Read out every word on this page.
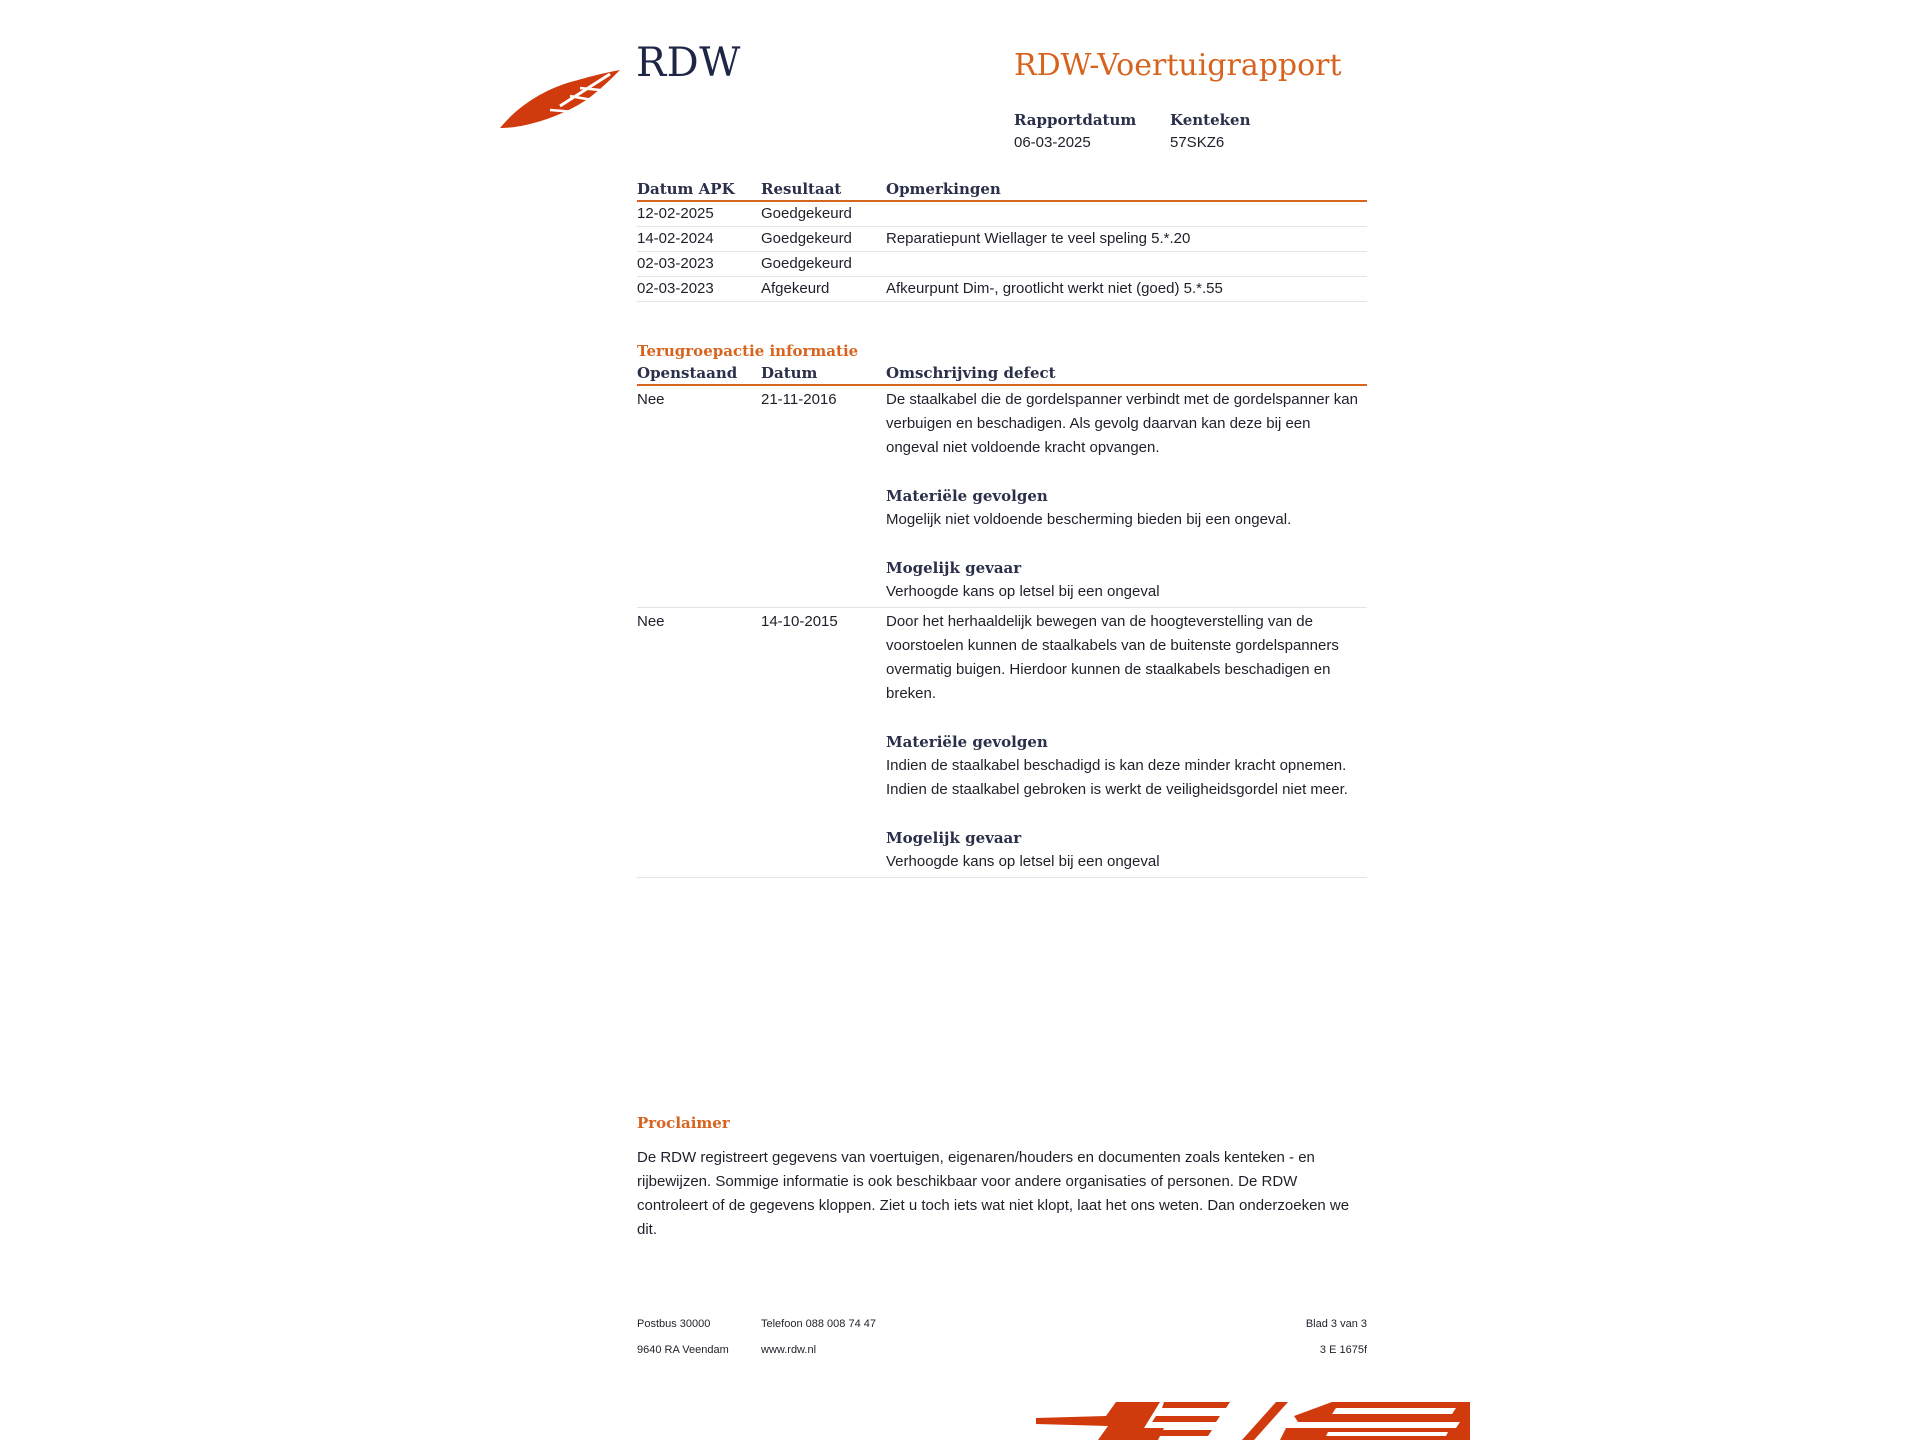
RDW	RDW-Voertuigrapport
Rapportdatum
06-03-2025
Kenteken
57SKZ6
Datum APK	Resultaat	Opmerkingen
12-02-2025	Goedgekeurd	
14-02-2024	Goedgekeurd	Reparatiepunt Wiellager te veel speling 5.*.20
02-03-2023	Goedgekeurd	
02-03-2023	Afgekeurd	Afkeurpunt Dim-, grootlicht werkt niet (goed) 5.*.55
Terugroepactie informatie
Openstaand	Datum	Omschrijving defect
Nee	21-11-2016	De staalkabel die de gordelspanner verbindt met de gordelspanner kan verbuigen en beschadigen. Als gevolg daarvan kan deze bij een ongeval niet voldoende kracht opvangen.

Materiële gevolgen

Mogelijk niet voldoende bescherming bieden bij een ongeval.

Mogelijk gevaar

Verhoogde kans op letsel bij een ongeval

Nee	14-10-2015	Door het herhaaldelijk bewegen van de hoogteverstelling van de voorstoelen kunnen de staalkabels van de buitenste gordelspanners overmatig buigen. Hierdoor kunnen de staalkabels beschadigen en breken.

Materiële gevolgen

Indien de staalkabel beschadigd is kan deze minder kracht opnemen. Indien de staalkabel gebroken is werkt de veiligheidsgordel niet meer.

Mogelijk gevaar

Verhoogde kans op letsel bij een ongeval

Proclaimer
De RDW registreert gegevens van voertuigen, eigenaren/houders en documenten zoals kenteken - en rijbewijzen. Sommige informatie is ook beschikbaar voor andere organisaties of personen. De RDW controleert of de gegevens kloppen. Ziet u toch iets wat niet klopt, laat het ons weten. Dan onderzoeken we dit.
Postbus 30000
9640 RA Veendam
Telefoon 088 008 74 47
www.rdw.nl
Blad 3 van 3
3 E 1675f
